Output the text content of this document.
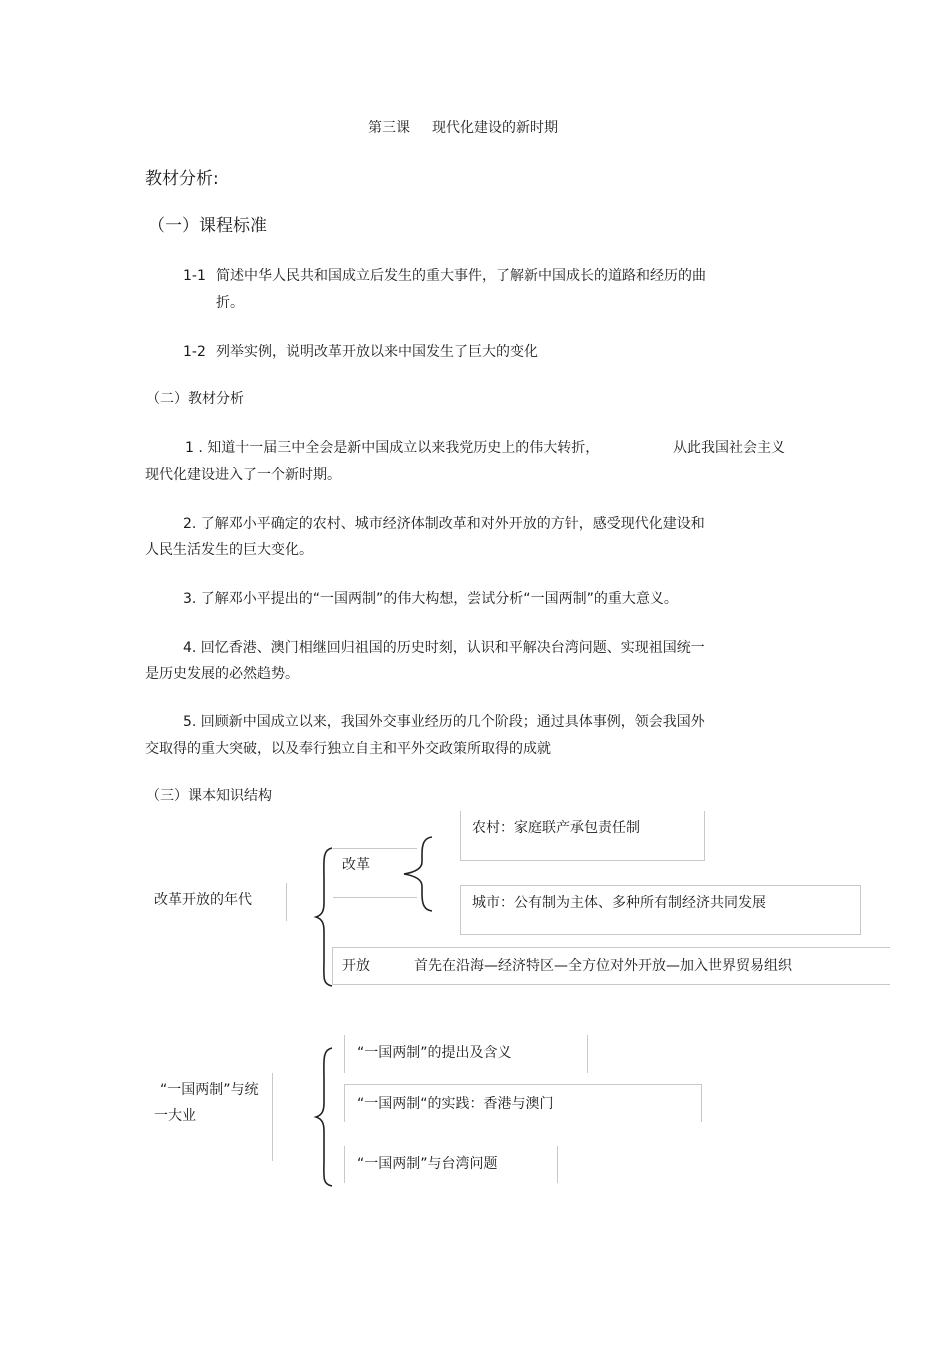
第三课 现代化建设的新时期
教材分析:
（一）课程标准
1-1 简述中华人民共和国成立后发生的重大事件，了解新中国成长的道路和经历的曲
折。
1-2 列举实例，说明改革开放以来中国发生了巨大的变化
（二）教材分析
1 . 知道十一届三中全会是新中国成立以来我党历史上的伟大转折，	从此我国社会主义
现代化建设进入了一个新时期。
2. 了解邓小平确定的农村、城市经济体制改革和对外开放的方针，感受现代化建设和
人民生活发生的巨大变化。
3. 了解邓小平提出的“一国两制”的伟大构想，尝试分析“一国两制”的重大意义。
4. 回忆香港、澳门相继回归祖国的历史时刻，认识和平解决台湾问题、实现祖国统一
是历史发展的必然趋势。
5. 回顾新中国成立以来，我国外交事业经历的几个阶段；通过具体事例，领会我国外
交取得的重大突破，以及奉行独立自主和平外交政策所取得的成就
（三）课本知识结构
改革开放的年代
改革
农村：家庭联产承包责任制
城市：公有制为主体、多种所有制经济共同发展
开放	首先在沿海—经济特区—全方位对外开放—加入世界贸易组织
“一国两制”与统
一大业
“一国两制”的提出及含义
“一国两制“的实践：香港与澳门
“一国两制”与台湾问题
